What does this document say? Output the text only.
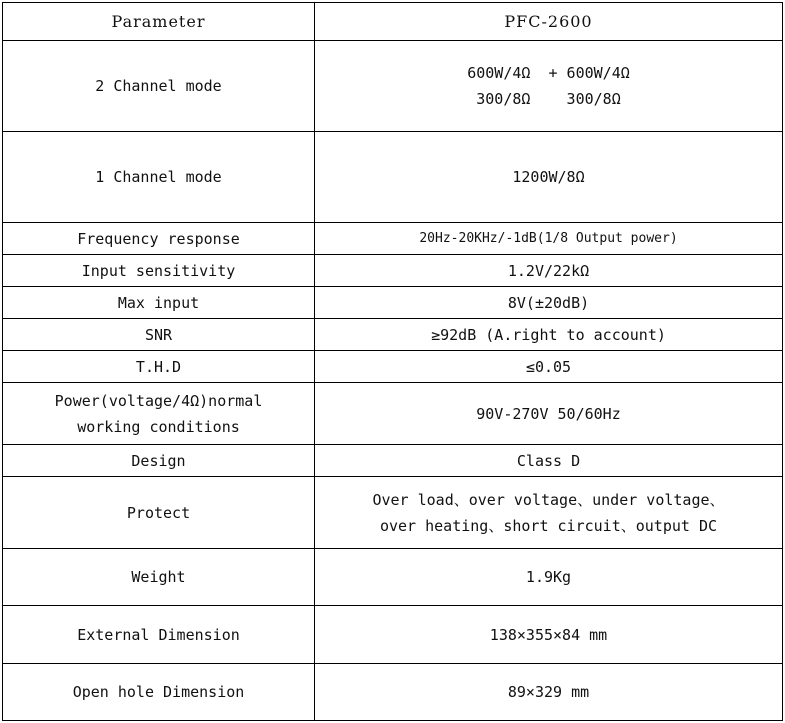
Parameter	PFC-2600

2 Channel mode	600W/4Ω  + 600W/4Ω
300/8Ω    300/8Ω

1 Channel mode	1200W/8Ω

Frequency response	20Hz-20KHz/-1dB(1/8 Output power)

Input sensitivity	1.2V/22kΩ

Max input	8V(±20dB)

SNR	≥92dB (A.right to account)

T.H.D	≤0.05

Power(voltage/4Ω)normal
working conditions	90V-270V 50/60Hz

Design	Class D

Protect	Over load、over voltage、under voltage、
over heating、short circuit、output DC

Weight	1.9Kg

External Dimension	138×355×84 mm

Open hole Dimension	89×329 mm
